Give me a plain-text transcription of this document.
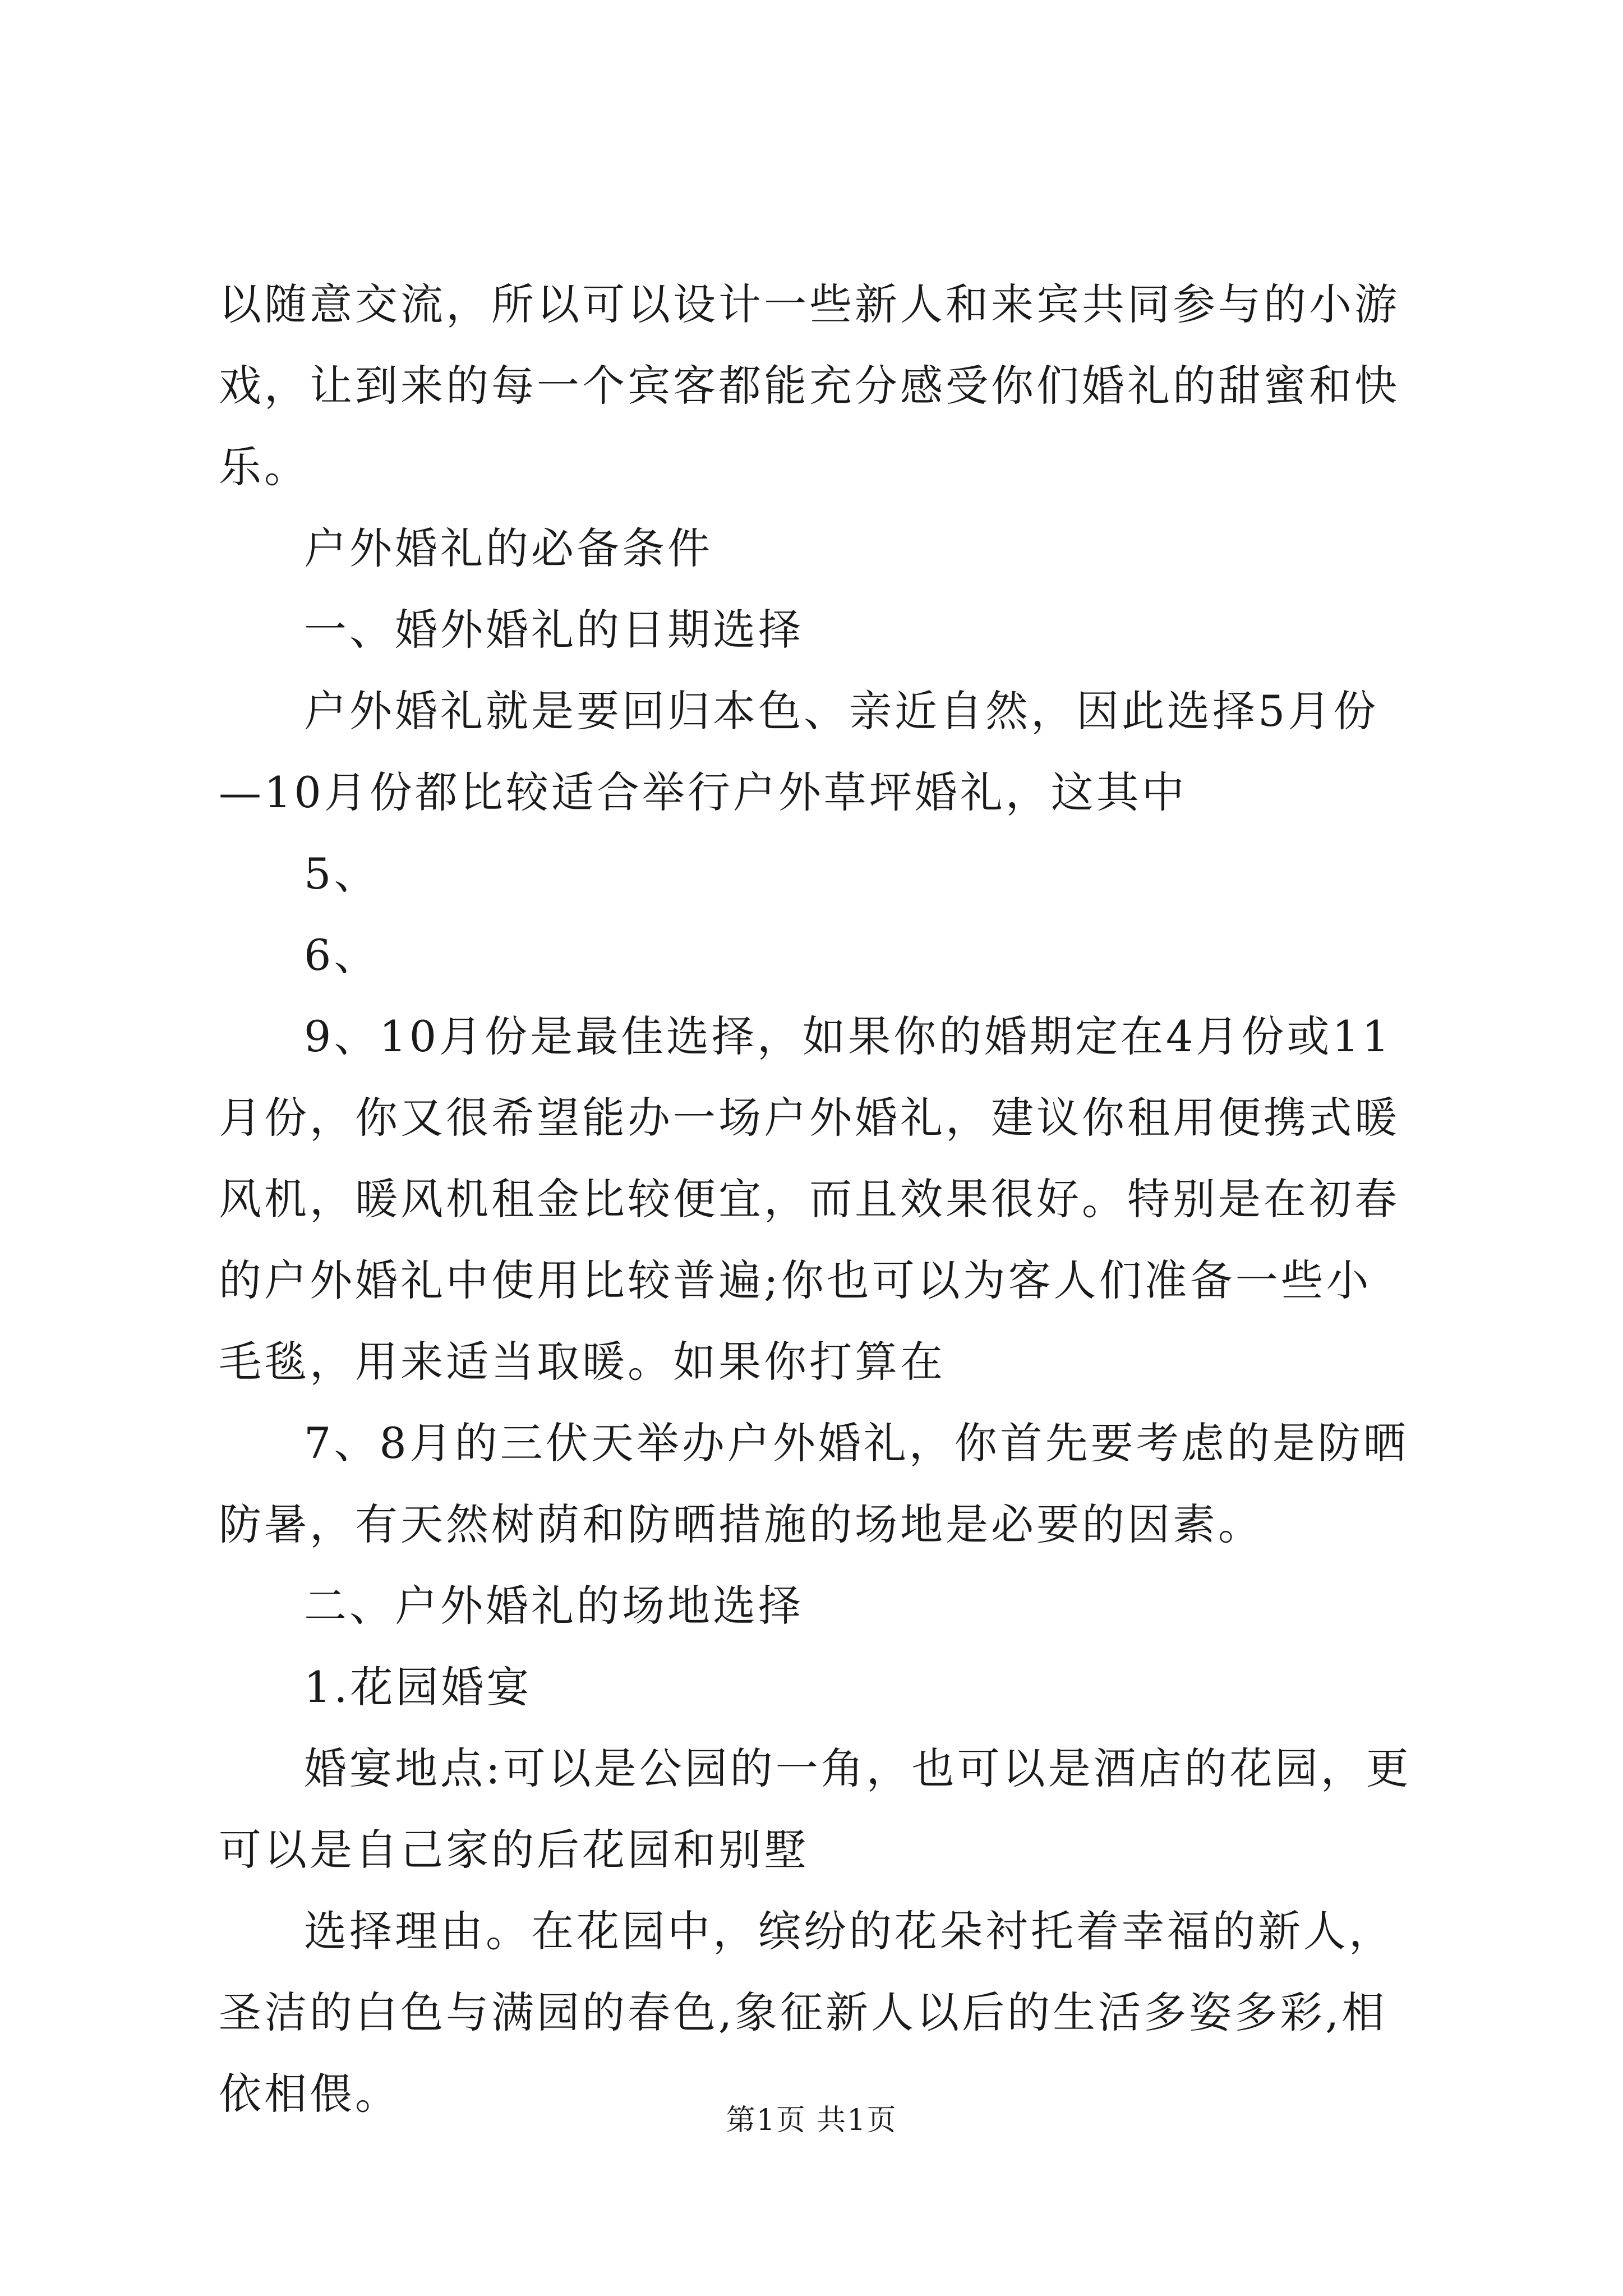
以随意交流，所以可以设计一些新人和来宾共同参与的小游戏，让到来的每一个宾客都能充分感受你们婚礼的甜蜜和快乐。

户外婚礼的必备条件

一、婚外婚礼的日期选择

户外婚礼就是要回归本色、亲近自然，因此选择5月份—10月份都比较适合举行户外草坪婚礼，这其中

5、

6、

9、10月份是最佳选择，如果你的婚期定在4月份或11月份，你又很希望能办一场户外婚礼，建议你租用便携式暖风机，暖风机租金比较便宜，而且效果很好。特别是在初春的户外婚礼中使用比较普遍;你也可以为客人们准备一些小毛毯，用来适当取暖。如果你打算在

7、8月的三伏天举办户外婚礼，你首先要考虑的是防晒防暑，有天然树荫和防晒措施的场地是必要的因素。

二、户外婚礼的场地选择

1.花园婚宴

婚宴地点:可以是公园的一角，也可以是酒店的花园，更可以是自己家的后花园和别墅

选择理由。在花园中，缤纷的花朵衬托着幸福的新人，圣洁的白色与满园的春色,象征新人以后的生活多姿多彩,相依相偎。

第1页 共1页
